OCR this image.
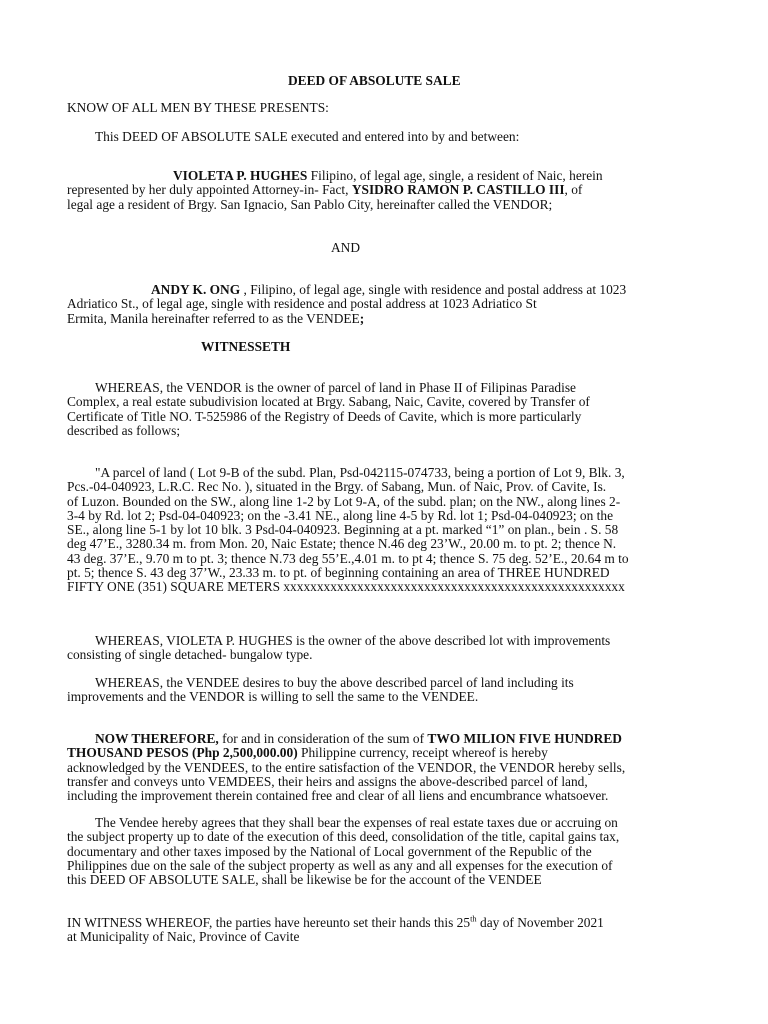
DEED OF ABSOLUTE SALE
KNOW OF ALL MEN BY THESE PRESENTS:
This DEED OF ABSOLUTE SALE executed and entered into by and between:
VIOLETA P. HUGHES Filipino, of legal age, single, a resident of Naic, herein
represented by her duly appointed Attorney-in- Fact, YSIDRO RAMON P. CASTILLO III, of
legal age a resident of Brgy. San Ignacio, San Pablo City, hereinafter called the VENDOR;
AND
ANDY K. ONG , Filipino, of legal age, single with residence and postal address at 1023
Adriatico St., of legal age, single with residence and postal address at 1023 Adriatico St
Ermita, Manila hereinafter referred to as the VENDEE;
WITNESSETH
WHEREAS, the VENDOR is the owner of parcel of land in Phase II of Filipinas Paradise
Complex, a real estate subudivision located at Brgy. Sabang, Naic, Cavite, covered by Transfer of
Certificate of Title NO. T-525986 of the Registry of Deeds of Cavite, which is more particularly
described as follows;
"A parcel of land ( Lot 9-B of the subd. Plan, Psd-042115-074733, being a portion of Lot 9, Blk. 3,
Pcs.-04-040923, L.R.C. Rec No. ), situated in the Brgy. of Sabang, Mun. of Naic, Prov. of Cavite, Is.
of Luzon. Bounded on the SW., along line 1-2 by Lot 9-A, of the subd. plan; on the NW., along lines 2-
3-4 by Rd. lot 2; Psd-04-040923; on the -3.41 NE., along line 4-5 by Rd. lot 1; Psd-04-040923; on the
SE., along line 5-1 by lot 10 blk. 3 Psd-04-040923. Beginning at a pt. marked “1” on plan., bein . S. 58
deg 47’E., 3280.34 m. from Mon. 20, Naic Estate; thence N.46 deg 23’W., 20.00 m. to pt. 2; thence N.
43 deg. 37’E., 9.70 m to pt. 3; thence N.73 deg 55’E.,4.01 m. to pt 4; thence S. 75 deg. 52’E., 20.64 m to
pt. 5; thence S. 43 deg 37’W., 23.33 m. to pt. of beginning containing an area of THREE HUNDRED
FIFTY ONE (351) SQUARE METERS xxxxxxxxxxxxxxxxxxxxxxxxxxxxxxxxxxxxxxxxxxxxxxxxxxx
WHEREAS, VIOLETA P. HUGHES is the owner of the above described lot with improvements
consisting of single detached- bungalow type.
WHEREAS, the VENDEE desires to buy the above described parcel of land including its
improvements and the VENDOR is willing to sell the same to the VENDEE.
NOW THEREFORE, for and in consideration of the sum of TWO MILION FIVE HUNDRED
THOUSAND PESOS (Php 2,500,000.00) Philippine currency, receipt whereof is hereby
acknowledged by the VENDEES, to the entire satisfaction of the VENDOR, the VENDOR hereby sells,
transfer and conveys unto VEMDEES, their heirs and assigns the above-described parcel of land,
including the improvement therein contained free and clear of all liens and encumbrance whatsoever.
The Vendee hereby agrees that they shall bear the expenses of real estate taxes due or accruing on
the subject property up to date of the execution of this deed, consolidation of the title, capital gains tax,
documentary and other taxes imposed by the National of Local government of the Republic of the
Philippines due on the sale of the subject property as well as any and all expenses for the execution of
this DEED OF ABSOLUTE SALE, shall be likewise be for the account of the VENDEE
IN WITNESS WHEREOF, the parties have hereunto set their hands this 25th day of November 2021
at Municipality of Naic, Province of Cavite
